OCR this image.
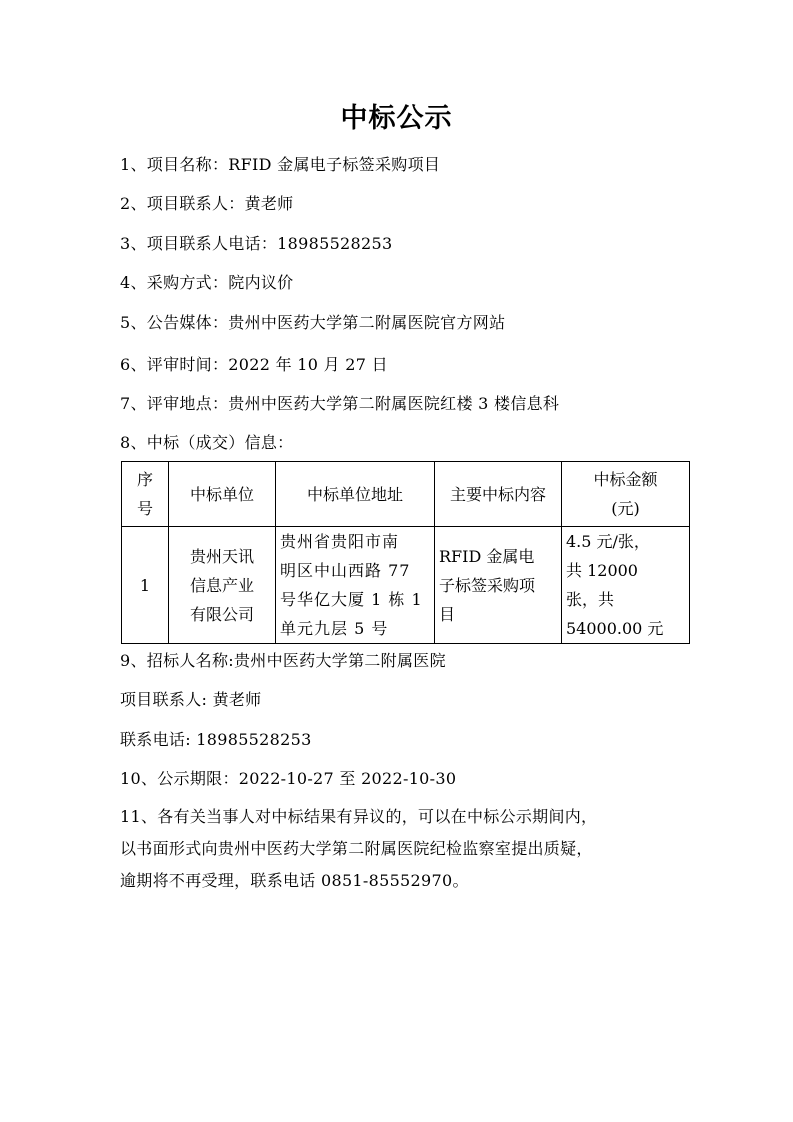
中标公示
1、项目名称：RFID 金属电子标签采购项目
2、项目联系人：黄老师
3、项目联系人电话：18985528253
4、采购方式：院内议价
5、公告媒体：贵州中医药大学第二附属医院官方网站
6、评审时间：2022 年 10 月 27 日
7、评审地点：贵州中医药大学第二附属医院红楼 3 楼信息科
8、中标（成交）信息：
序
号	中标单位	中标单位地址	主要中标内容	中标金额
(元)
1	贵州天讯
信息产业
有限公司	贵州省贵阳市南
明区中山西路 77
号华亿大厦 1 栋 1
单元九层 5 号	RFID 金属电
子标签采购项
目	4.5 元/张，
共 12000
张，共
54000.00 元
9、招标人名称:贵州中医药大学第二附属医院
项目联系人: 黄老师
联系电话: 18985528253
10、公示期限：2022-10-27 至 2022-10-30
11、各有关当事人对中标结果有异议的，可以在中标公示期间内，
以书面形式向贵州中医药大学第二附属医院纪检监察室提出质疑，
逾期将不再受理，联系电话 0851-85552970。
